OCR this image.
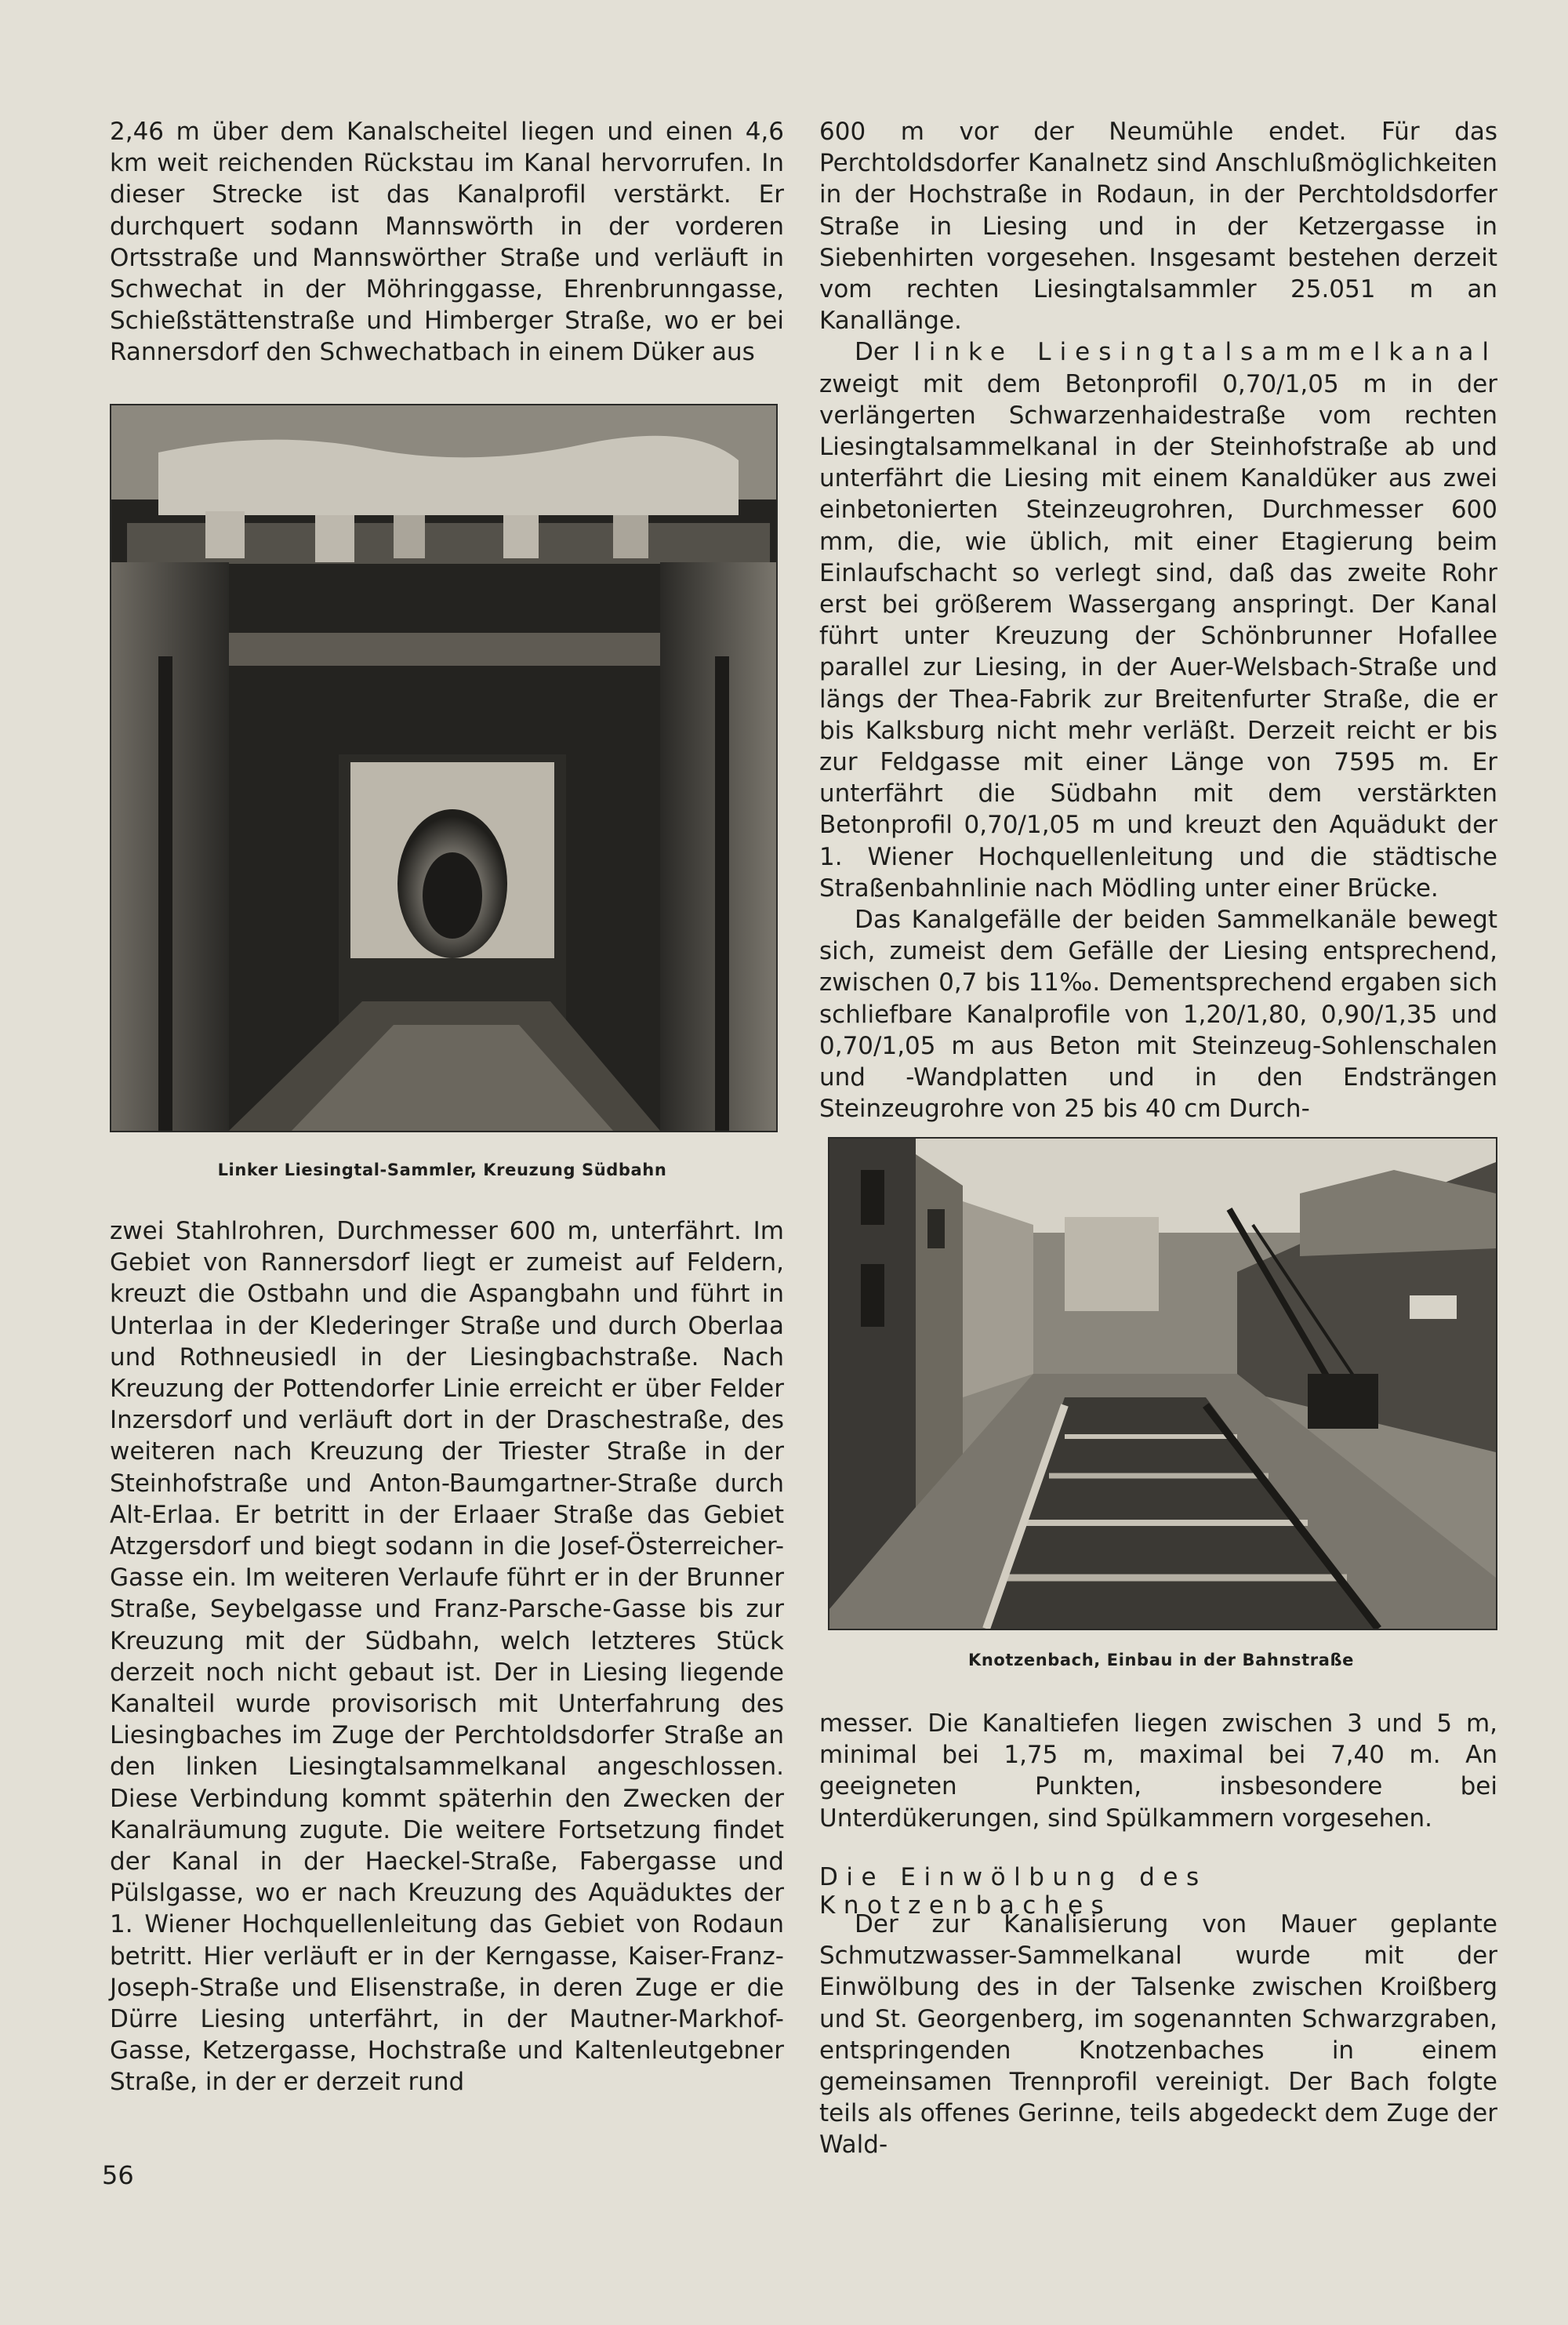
2,46 m über dem Kanalscheitel liegen und einen 4,6 km weit reichenden Rückstau im Kanal hervorrufen. In dieser Strecke ist das Kanalprofil verstärkt. Er durchquert sodann Mannswörth in der vorderen Ortsstraße und Mannswörther Straße und verläuft in Schwechat in der Möhringgasse, Ehrenbrunngasse, Schießstättenstraße und Himberger Straße, wo er bei Rannersdorf den Schwechatbach in einem Düker aus

Linker Liesingtal-Sammler, Kreuzung Südbahn

zwei Stahlrohren, Durchmesser 600 m, unterfährt. Im Gebiet von Rannersdorf liegt er zumeist auf Feldern, kreuzt die Ostbahn und die Aspangbahn und führt in Unterlaa in der Klederinger Straße und durch Oberlaa und Rothneusiedl in der Liesingbachstraße. Nach Kreuzung der Pottendorfer Linie erreicht er über Felder Inzersdorf und verläuft dort in der Draschestraße, des weiteren nach Kreuzung der Triester Straße in der Steinhofstraße und Anton-Baumgartner-Straße durch Alt-Erlaa. Er betritt in der Erlaaer Straße das Gebiet Atzgersdorf und biegt sodann in die Josef-Österreicher-Gasse ein. Im weiteren Verlaufe führt er in der Brunner Straße, Seybelgasse und Franz-Parsche-Gasse bis zur Kreuzung mit der Südbahn, welch letzteres Stück derzeit noch nicht gebaut ist. Der in Liesing liegende Kanalteil wurde provisorisch mit Unterfahrung des Liesingbaches im Zuge der Perchtoldsdorfer Straße an den linken Liesingtalsammelkanal angeschlossen. Diese Verbindung kommt späterhin den Zwecken der Kanalräumung zugute. Die weitere Fortsetzung findet der Kanal in der Haeckel-Straße, Fabergasse und Pülslgasse, wo er nach Kreuzung des Aquäduktes der 1. Wiener Hochquellenleitung das Gebiet von Rodaun betritt. Hier verläuft er in der Kerngasse, Kaiser-Franz-Joseph-Straße und Elisenstraße, in deren Zuge er die Dürre Liesing unterfährt, in der Mautner-Markhof-Gasse, Ketzergasse, Hochstraße und Kaltenleutgebner Straße, in der er derzeit rund

600 m vor der Neumühle endet. Für das Perchtoldsdorfer Kanalnetz sind Anschlußmöglichkeiten in der Hochstraße in Rodaun, in der Perchtoldsdorfer Straße in Liesing und in der Ketzergasse in Siebenhirten vorgesehen. Insgesamt bestehen derzeit vom rechten Liesingtalsammler 25.051 m an Kanallänge.

Der linke Liesingtalsammelkanal zweigt mit dem Betonprofil 0,70/1,05 m in der verlängerten Schwarzenhaidestraße vom rechten Liesingtalsammelkanal in der Steinhofstraße ab und unterfährt die Liesing mit einem Kanaldüker aus zwei einbetonierten Steinzeugrohren, Durchmesser 600 mm, die, wie üblich, mit einer Etagierung beim Einlaufschacht so verlegt sind, daß das zweite Rohr erst bei größerem Wassergang anspringt. Der Kanal führt unter Kreuzung der Schönbrunner Hofallee parallel zur Liesing, in der Auer-Welsbach-Straße und längs der Thea-Fabrik zur Breitenfurter Straße, die er bis Kalksburg nicht mehr verläßt. Derzeit reicht er bis zur Feldgasse mit einer Länge von 7595 m. Er unterfährt die Südbahn mit dem verstärkten Betonprofil 0,70/1,05 m und kreuzt den Aquädukt der 1. Wiener Hochquellenleitung und die städtische Straßenbahnlinie nach Mödling unter einer Brücke.

Das Kanalgefälle der beiden Sammelkanäle bewegt sich, zumeist dem Gefälle der Liesing entsprechend, zwischen 0,7 bis 11‰. Dementsprechend ergaben sich schliefbare Kanalprofile von 1,20/1,80, 0,90/1,35 und 0,70/1,05 m aus Beton mit Steinzeug-Sohlenschalen und -Wandplatten und in den Endsträngen Steinzeugrohre von 25 bis 40 cm Durch-

Knotzenbach, Einbau in der Bahnstraße

messer. Die Kanaltiefen liegen zwischen 3 und 5 m, minimal bei 1,75 m, maximal bei 7,40 m. An geeigneten Punkten, insbesondere bei Unterdükerungen, sind Spülkammern vorgesehen.

Die Einwölbung des Knotzenbaches

Der zur Kanalisierung von Mauer geplante Schmutzwasser-Sammelkanal wurde mit der Einwölbung des in der Talsenke zwischen Kroißberg und St. Georgenberg, im sogenannten Schwarzgraben, entspringenden Knotzenbaches in einem gemeinsamen Trennprofil vereinigt. Der Bach folgte teils als offenes Gerinne, teils abgedeckt dem Zuge der Wald-

56
